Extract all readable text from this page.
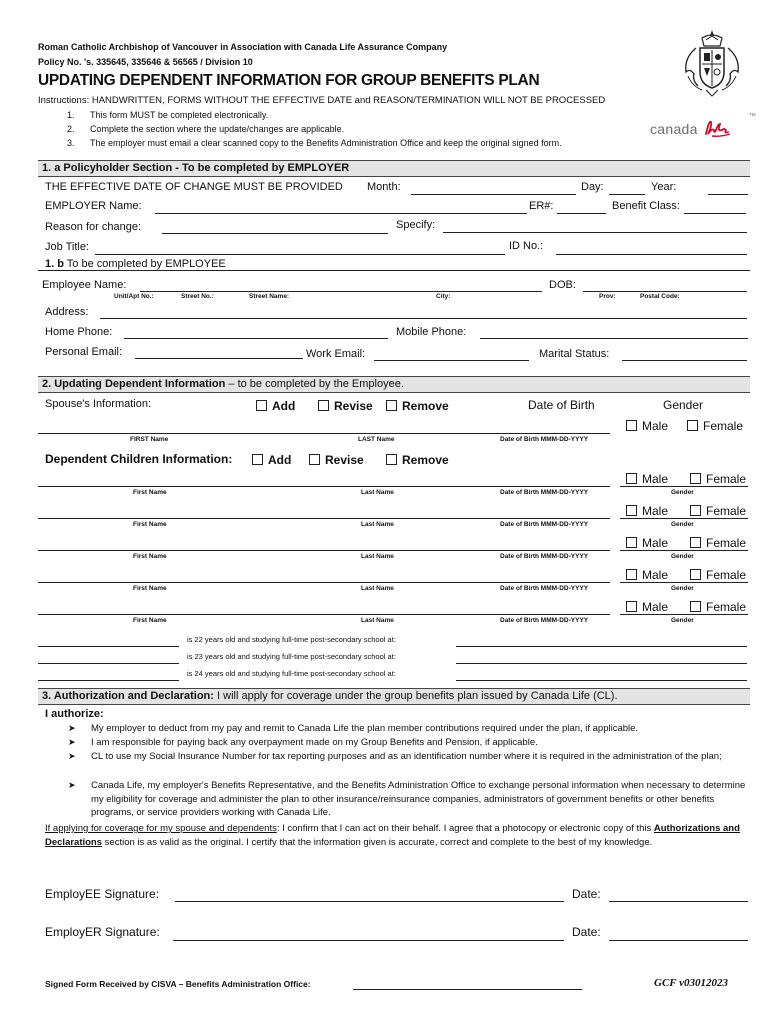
Roman Catholic Archbishop of Vancouver in Association with Canada Life Assurance Company
Policy No. 's. 335645, 335646 & 56565 / Division 10
UPDATING DEPENDENT INFORMATION FOR GROUP BENEFITS PLAN
Instructions: HANDWRITTEN, FORMS WITHOUT THE EFFECTIVE DATE and REASON/TERMINATION WILL NOT BE PROCESSED
1. This form MUST be completed electronically.
2. Complete the section where the update/changes are applicable.
3. The employer must email a clear scanned copy to the Benefits Administration Office and keep the original signed form.
canada
TM
1. a Policyholder Section - To be completed by EMPLOYER
THE EFFECTIVE DATE OF CHANGE MUST BE PROVIDED Month:	Day:	Year:
EMPLOYER Name:	ER#:	Benefit Class:
Reason for change:	Specify:
Job Title:	ID No.:
1. b To be completed by EMPLOYEE
Employee Name:	DOB:
Unit/Apt No.:	Street No.:	Street Name:	City:	Prov:	Postal Code:
Address:
Home Phone:	Mobile Phone:
Personal Email:	Work Email:	Marital Status:
2. Updating Dependent Information – to be completed by the Employee.
Spouse's Information:	Add	Revise	Remove	Date of Birth	Gender
Male	Female
FIRST Name	LAST Name	Date of Birth MMM-DD-YYYY
Dependent Children Information:	Add	Revise	Remove
Male	Female
First Name	Last Name	Date of Birth MMM-DD-YYYY	Gender
Male	Female
First Name	Last Name	Date of Birth MMM-DD-YYYY	Gender
Male	Female
First Name	Last Name	Date of Birth MMM-DD-YYYY	Gender
Male	Female
First Name	Last Name	Date of Birth MMM-DD-YYYY	Gender
Male	Female
First Name	Last Name	Date of Birth MMM-DD-YYYY	Gender
is 22 years old and studying full-time post-secondary school at:
is 23 years old and studying full-time post-secondary school at:
is 24 years old and studying full-time post-secondary school at:
3. Authorization and Declaration: I will apply for coverage under the group benefits plan issued by Canada Life (CL).
I authorize:
➤ My employer to deduct from my pay and remit to Canada Life the plan member contributions required under the plan, if applicable.
➤ I am responsible for paying back any overpayment made on my Group Benefits and Pension, if applicable.
➤ CL to use my Social Insurance Number for tax reporting purposes and as an identification number where it is required in the administration of the plan;
➤ Canada Life, my employer's Benefits Representative, and the Benefits Administration Office to exchange personal information when necessary to determine my eligibility for coverage and administer the plan to other insurance/reinsurance companies, administrators of government benefits or other benefits programs, or service providers working with Canada Life.
If applying for coverage for my spouse and dependents: I confirm that I can act on their behalf. I agree that a photocopy or electronic copy of this Authorizations and Declarations section is as valid as the original. I certify that the information given is accurate, correct and complete to the best of my knowledge.
EmployEE Signature:	Date:
EmployER Signature:	Date:
Signed Form Received by CISVA – Benefits Administration Office:	GCF v03012023
